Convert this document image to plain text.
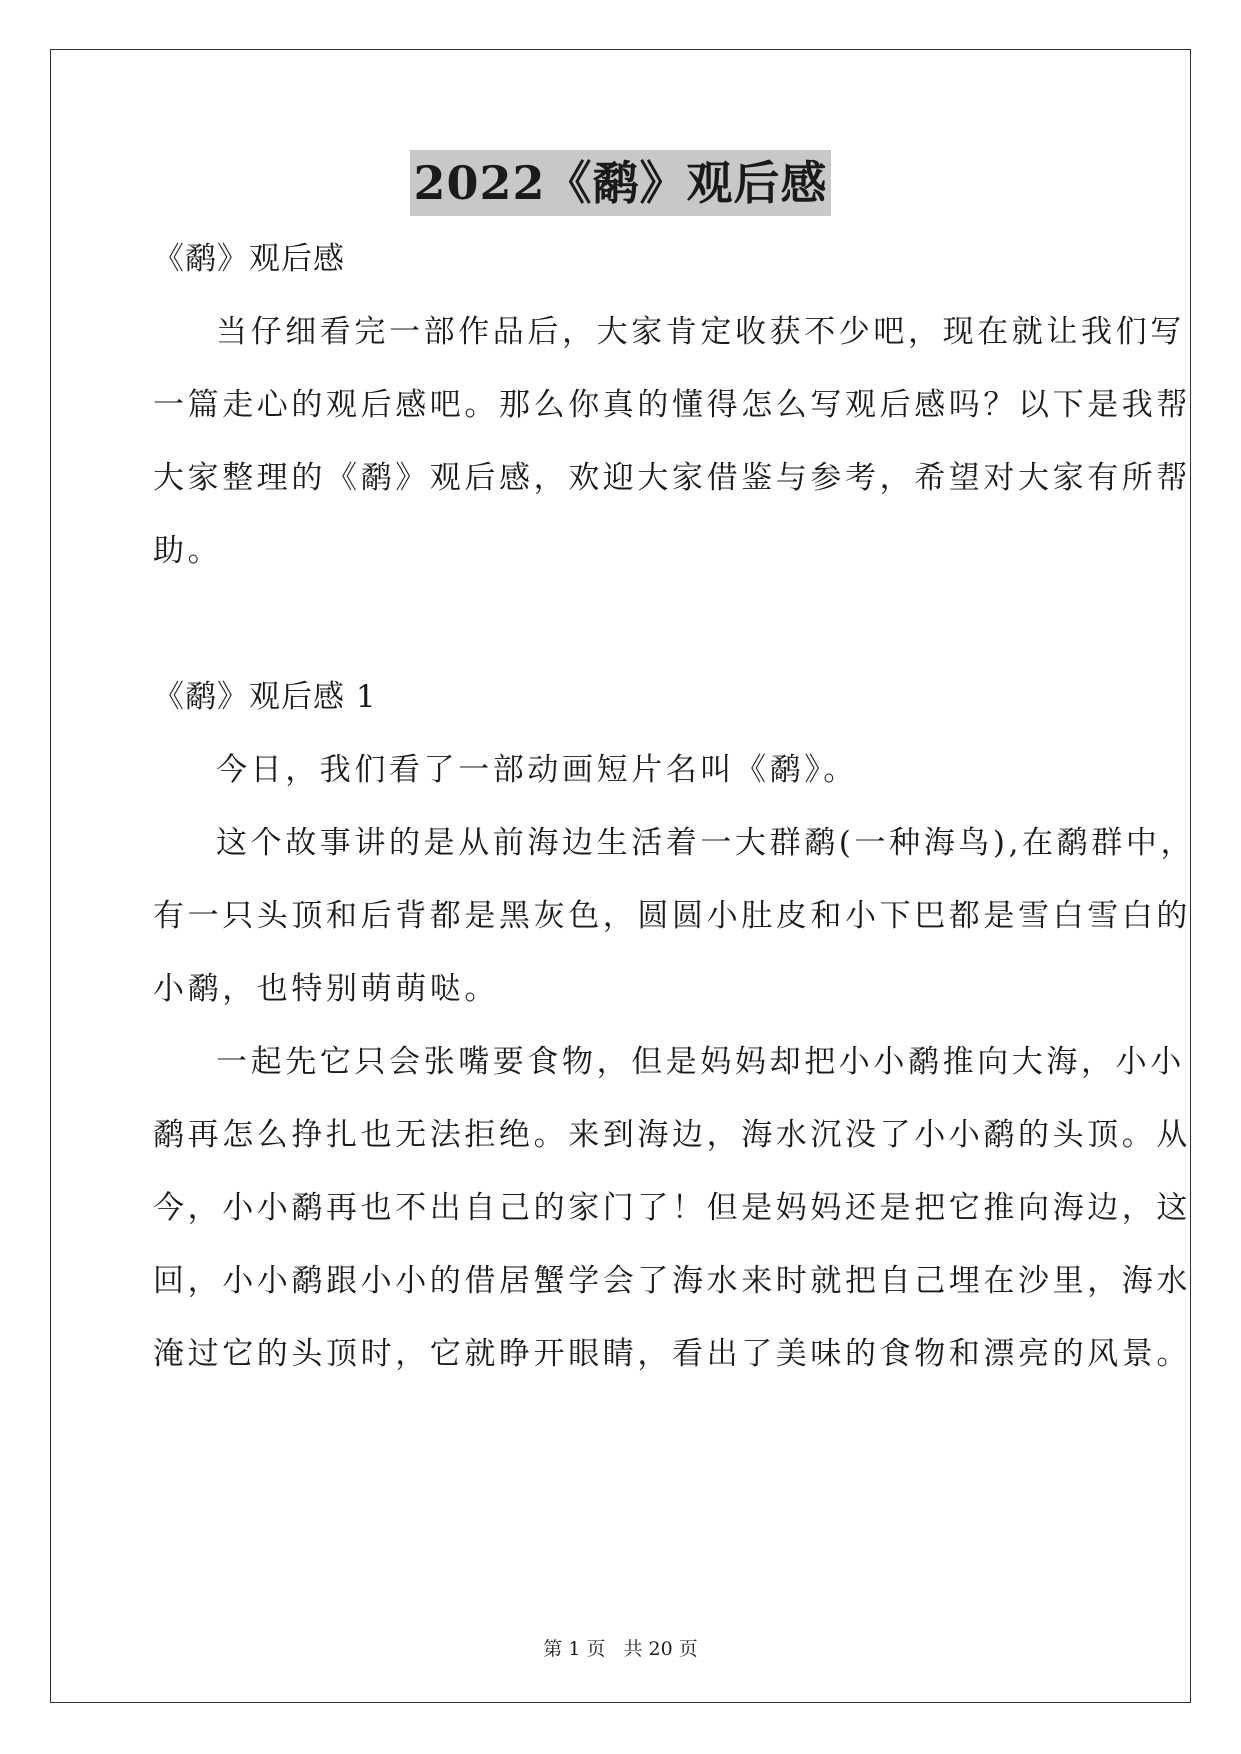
2022《鹬》观后感
《鹬》观后感
当仔细看完一部作品后，大家肯定收获不少吧，现在就让我们写
一篇走心的观后感吧。那么你真的懂得怎么写观后感吗？以下是我帮
大家整理的《鹬》观后感，欢迎大家借鉴与参考，希望对大家有所帮
助。
《鹬》观后感 1
今日，我们看了一部动画短片名叫《鹬》。
这个故事讲的是从前海边生活着一大群鹬(一种海鸟),在鹬群中，
有一只头顶和后背都是黑灰色，圆圆小肚皮和小下巴都是雪白雪白的
小鹬，也特别萌萌哒。
一起先它只会张嘴要食物，但是妈妈却把小小鹬推向大海，小小
鹬再怎么挣扎也无法拒绝。来到海边，海水沉没了小小鹬的头顶。从
今，小小鹬再也不出自己的家门了！但是妈妈还是把它推向海边，这
回，小小鹬跟小小的借居蟹学会了海水来时就把自己埋在沙里，海水
淹过它的头顶时，它就睁开眼睛，看出了美味的食物和漂亮的风景。
第 1 页 共 20 页
